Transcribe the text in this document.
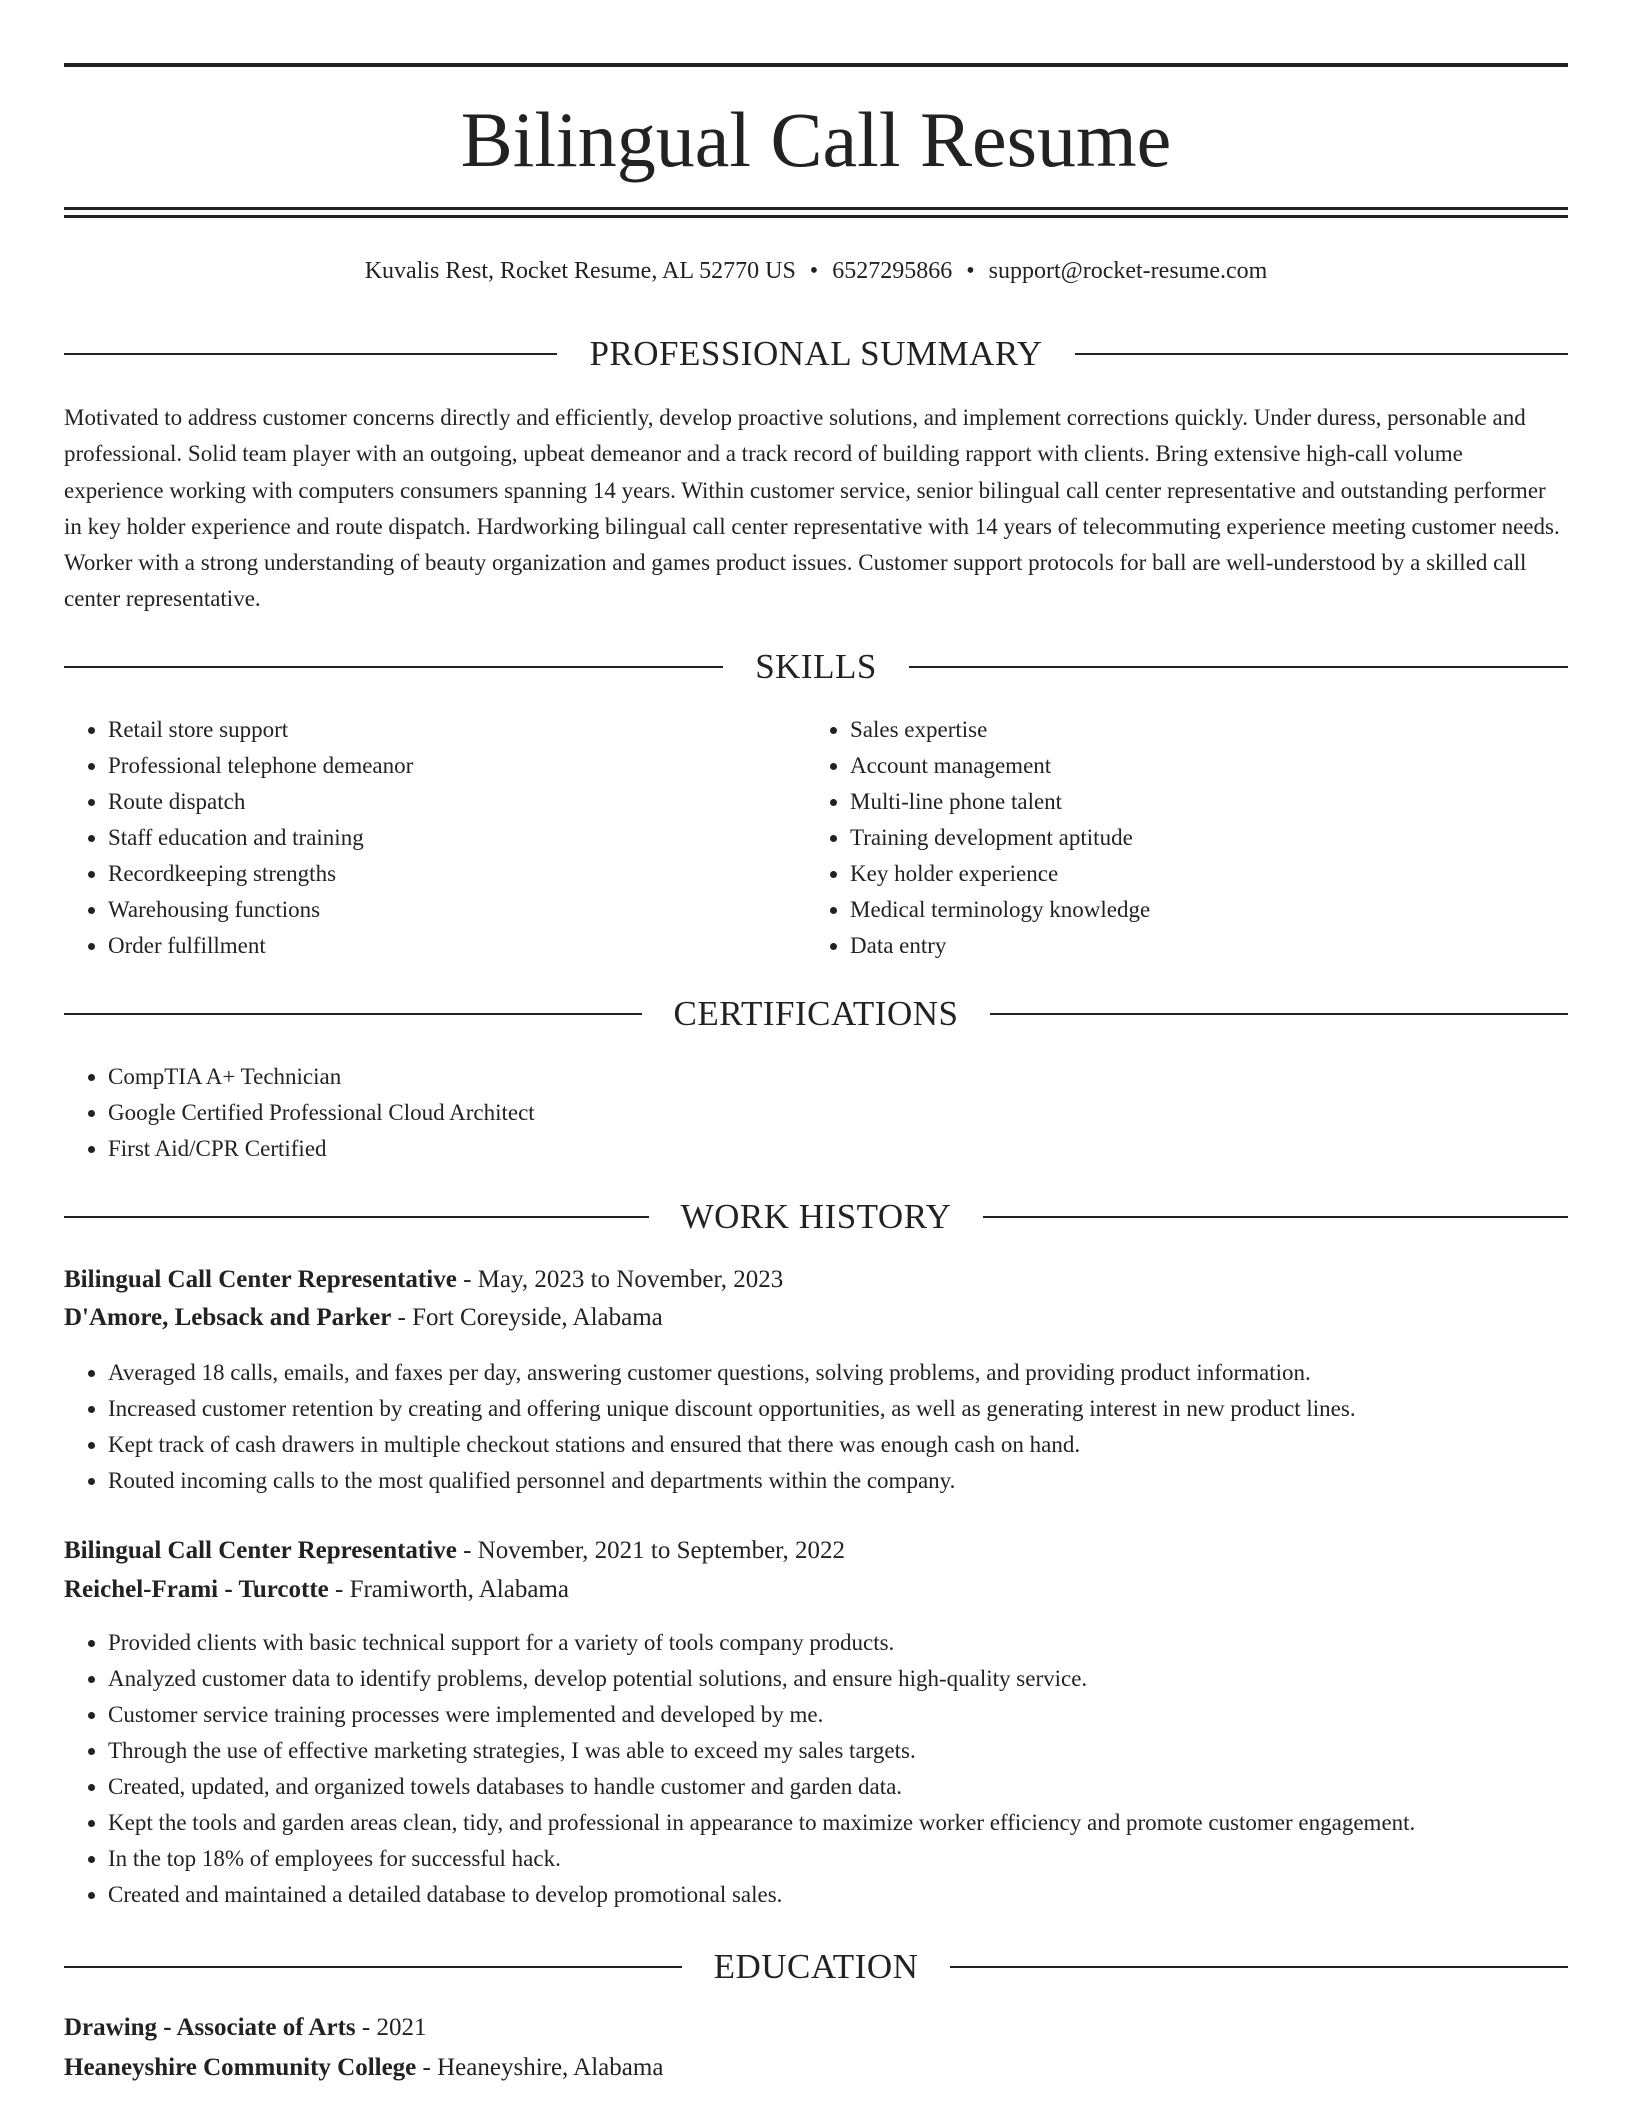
Bilingual Call Resume
Kuvalis Rest, Rocket Resume, AL 52770 US • 6527295866 • support@rocket-resume.com
PROFESSIONAL SUMMARY

Motivated to address customer concerns directly and efficiently, develop proactive solutions, and implement corrections quickly. Under duress, personable and professional. Solid team player with an outgoing, upbeat demeanor and a track record of building rapport with clients. Bring extensive high-call volume experience working with computers consumers spanning 14 years. Within customer service, senior bilingual call center representative and outstanding performer in key holder experience and route dispatch. Hardworking bilingual call center representative with 14 years of telecommuting experience meeting customer needs. Worker with a strong understanding of beauty organization and games product issues. Customer support protocols for ball are well-understood by a skilled call center representative.

SKILLS
• Retail store support
• Professional telephone demeanor
• Route dispatch
• Staff education and training
• Recordkeeping strengths
• Warehousing functions
• Order fulfillment
• Sales expertise
• Account management
• Multi-line phone talent
• Training development aptitude
• Key holder experience
• Medical terminology knowledge
• Data entry
CERTIFICATIONS
• CompTIA A+ Technician
• Google Certified Professional Cloud Architect
• First Aid/CPR Certified
WORK HISTORY
Bilingual Call Center Representative - May, 2023 to November, 2023
D'Amore, Lebsack and Parker - Fort Coreyside, Alabama
• Averaged 18 calls, emails, and faxes per day, answering customer questions, solving problems, and providing product information.
• Increased customer retention by creating and offering unique discount opportunities, as well as generating interest in new product lines.
• Kept track of cash drawers in multiple checkout stations and ensured that there was enough cash on hand.
• Routed incoming calls to the most qualified personnel and departments within the company.
Bilingual Call Center Representative - November, 2021 to September, 2022
Reichel-Frami - Turcotte - Framiworth, Alabama
• Provided clients with basic technical support for a variety of tools company products.
• Analyzed customer data to identify problems, develop potential solutions, and ensure high-quality service.
• Customer service training processes were implemented and developed by me.
• Through the use of effective marketing strategies, I was able to exceed my sales targets.
• Created, updated, and organized towels databases to handle customer and garden data.
• Kept the tools and garden areas clean, tidy, and professional in appearance to maximize worker efficiency and promote customer engagement.
• In the top 18% of employees for successful hack.
• Created and maintained a detailed database to develop promotional sales.
EDUCATION
Drawing - Associate of Arts - 2021
Heaneyshire Community College - Heaneyshire, Alabama
